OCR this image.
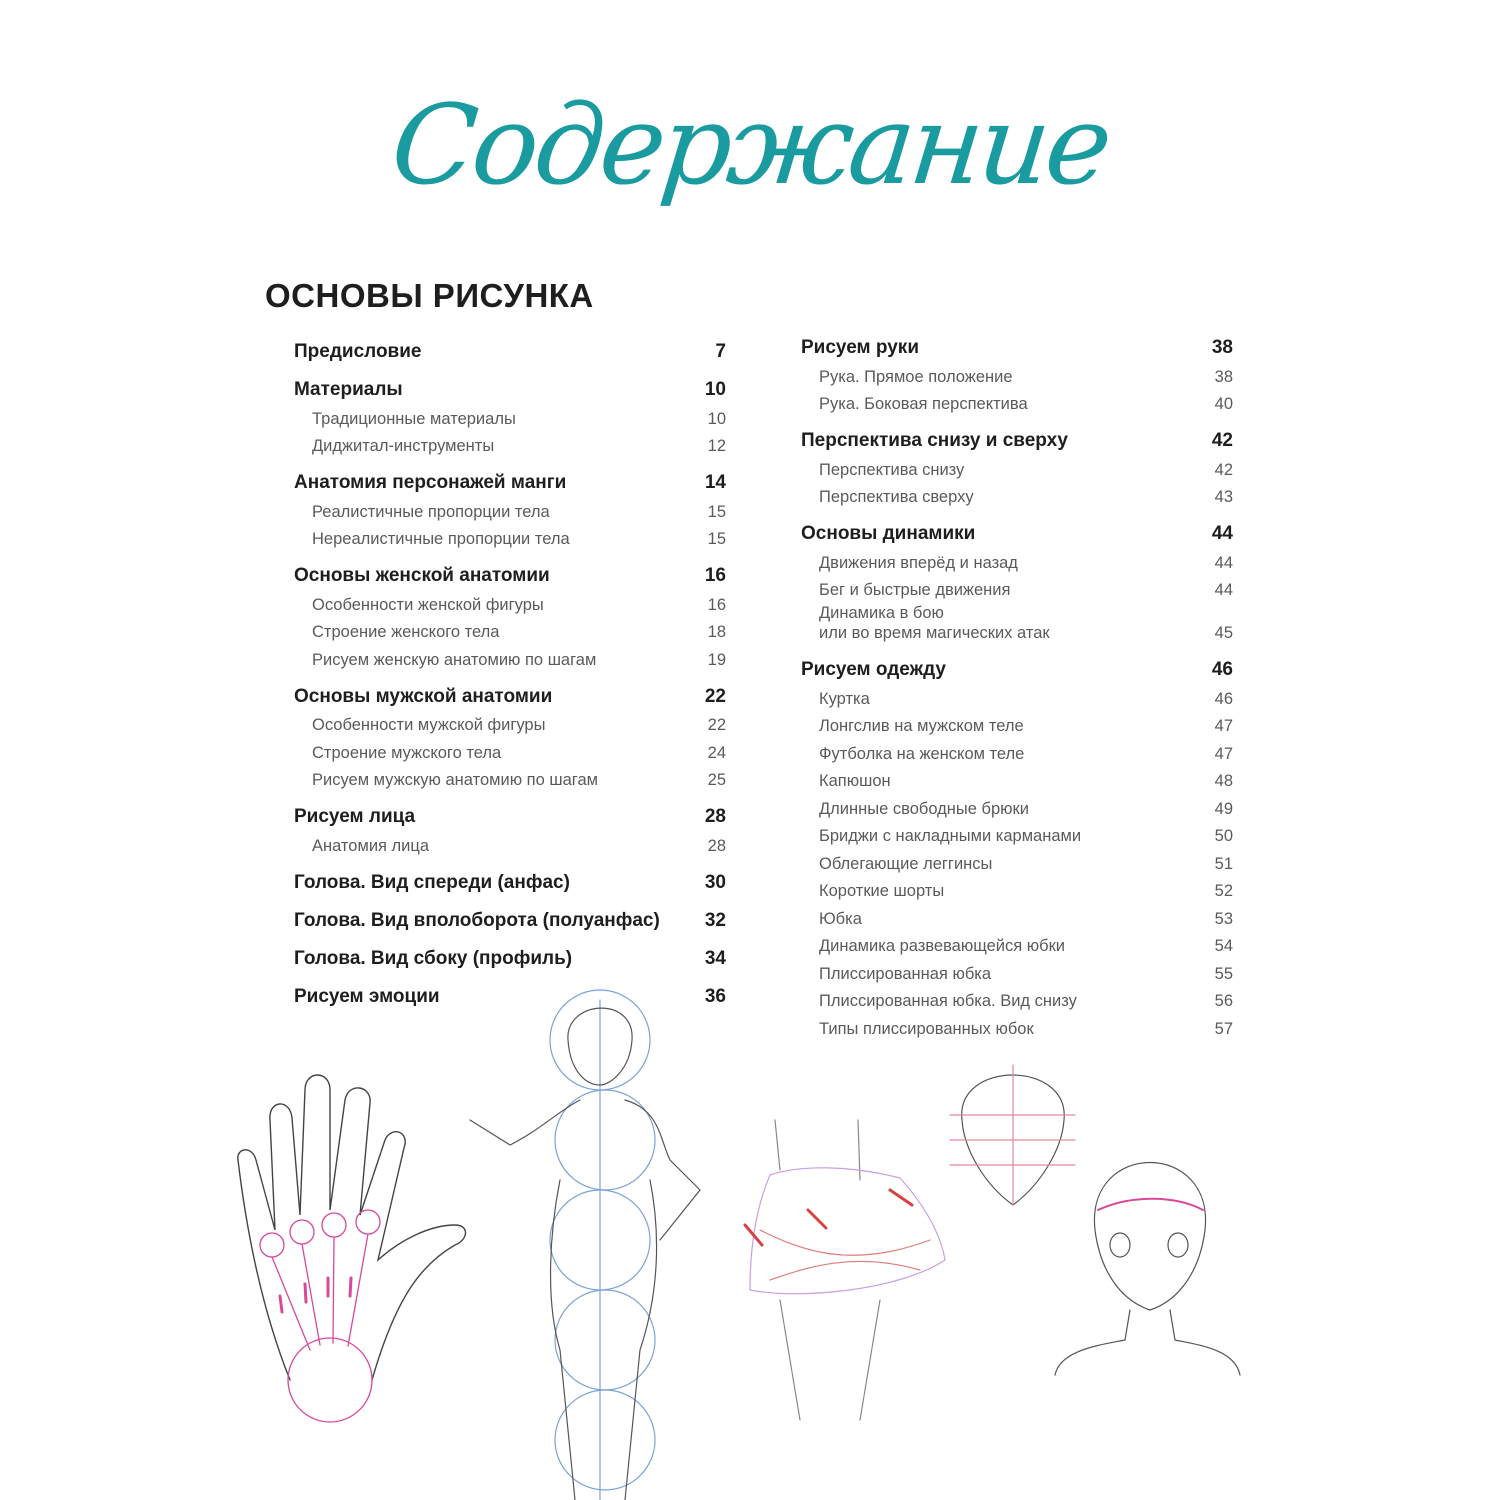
Содержание
ОСНОВЫ РИСУНКА
Предисловие	7
Материалы	10
Традиционные материалы	10
Диджитал-инструменты	12
Анатомия персонажей манги	14
Реалистичные пропорции тела	15
Нереалистичные пропорции тела	15
Основы женской анатомии	16
Особенности женской фигуры	16
Строение женского тела	18
Рисуем женскую анатомию по шагам	19
Основы мужской анатомии	22
Особенности мужской фигуры	22
Строение мужского тела	24
Рисуем мужскую анатомию по шагам	25
Рисуем лица	28
Анатомия лица	28
Голова. Вид спереди (анфас)	30
Голова. Вид вполоборота (полуанфас) 32
Голова. Вид сбоку (профиль)	34
Рисуем эмоции	36
Рисуем руки	38
Рука. Прямое положение	38
Рука. Боковая перспектива	40
Перспектива снизу и сверху	42
Перспектива снизу	42
Перспектива сверху	43
Основы динамики	44
Движения вперёд и назад	44
Бег и быстрые движения	44
Динамика в бою
или во время магических атак	45
Рисуем одежду	46
Куртка	46
Лонгслив на мужском теле	47
Футболка на женском теле	47
Капюшон	48
Длинные свободные брюки	49
Бриджи с накладными карманами	50
Облегающие леггинсы	51
Короткие шорты	52
Юбка	53
Динамика развевающейся юбки	54
Плиссированная юбка	55
Плиссированная юбка. Вид снизу	56
Типы плиссированных юбок	57
